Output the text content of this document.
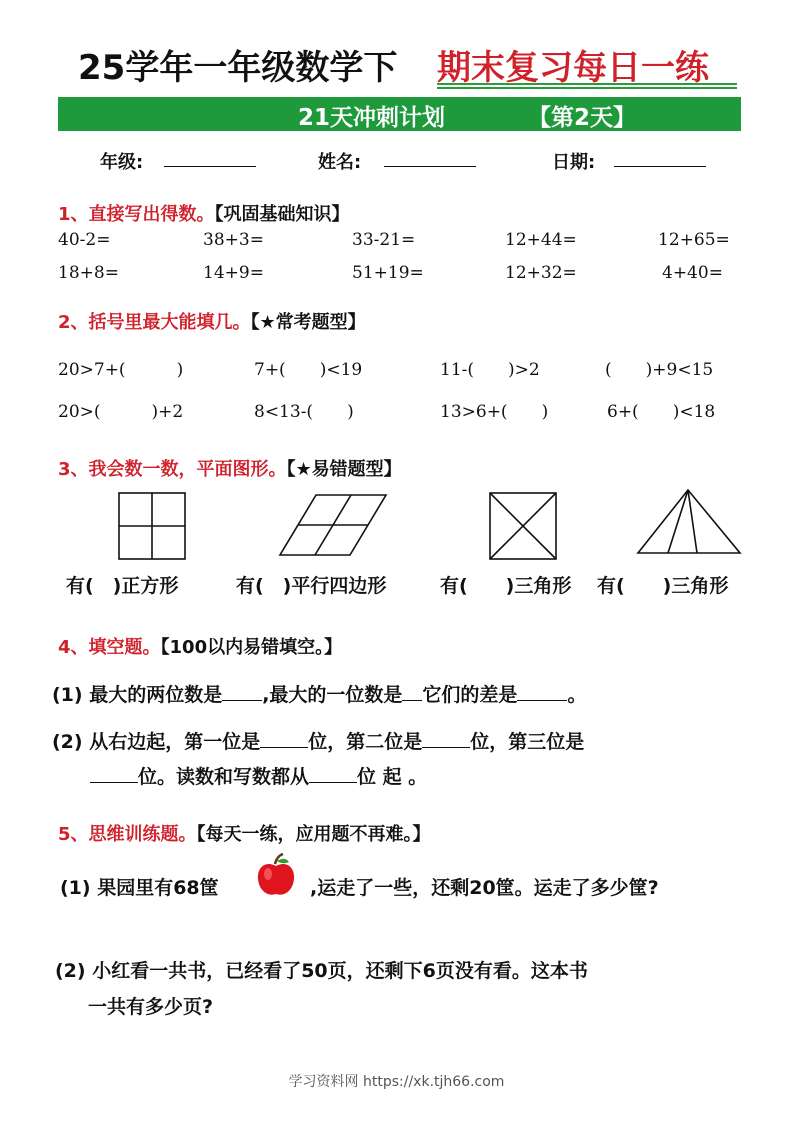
25学年一年级数学下 期末复习每日一练
21天冲刺计划	【第2天】
年级:	姓名:	日期:
1、直接写出得数。【巩固基础知识】
40-2=	38+3=	33-21=	12+44=	12+65=
18+8=	14+9=	51+19=	12+32=	4+40=
2、括号里最大能填几。【★常考题型】
20>7+(　　　)	7+(　　)<19	11-(　　)>2	(　　)+9<15
20>(　　　)+2	8<13-(　　)	13>6+(　　)	6+(　　)<18
3、我会数一数，平面图形。【★易错题型】
有(　)正方形	有(　)平行四边形	有(　　)三角形 有(　　)三角形
4、填空题。【100以内易错填空。】
(1) 最大的两位数是 ,最大的一位数是 它们的差是	。
(2) 从右边起，第一位是	位，第二位是	位，第三位是
位。读数和写数都从	位 起 。
5、思维训练题。【每天一练，应用题不再难。】
(1) 果园里有68筐	,运走了一些，还剩20筐。运走了多少筐?
(2) 小红看一共书，已经看了50页，还剩下6页没有看。这本书
一共有多少页?
学习资料网 https://xk.tjh66.com
